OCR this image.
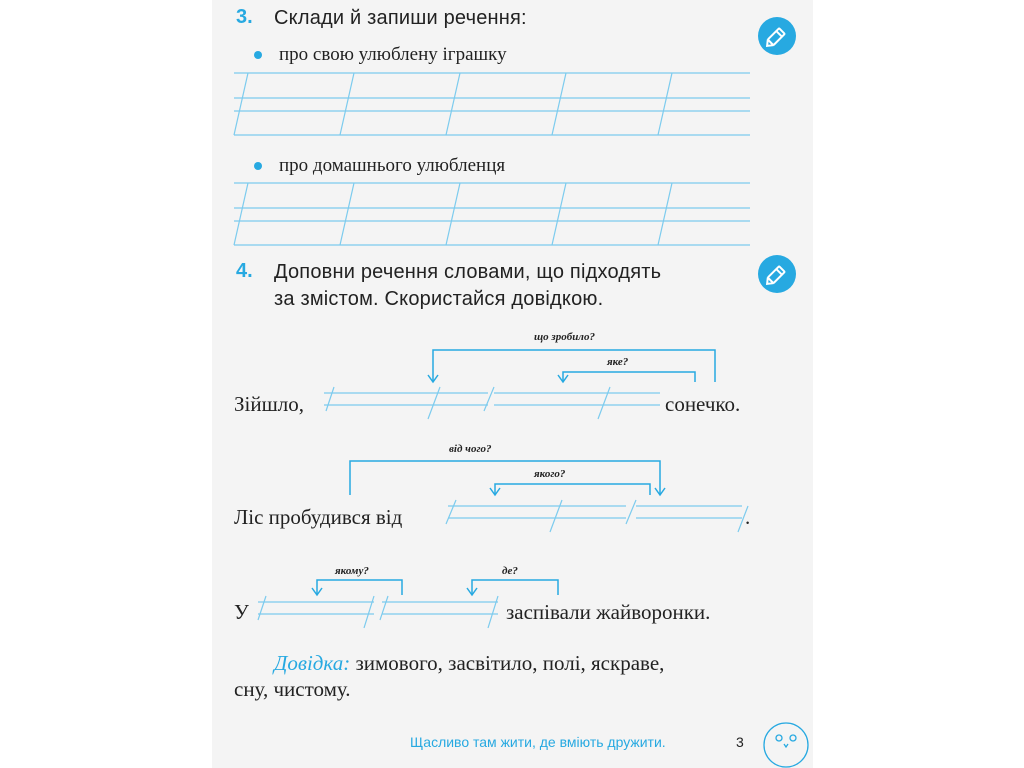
3. Склади й запиши речення:
про свою улюблену іграшку
про домашнього улюбленця
4. Доповни речення словами, що підходять
за змістом. Скористайся довідкою.
що зробило?
яке?
Зійшло,	сонечко.
від чого?
якого?
Ліс пробудився від	.
якому?	де?
У	заспівали жайворонки.
Довідка: зимового, засвітило, полі, яскраве,
сну, чистому.
Щасливо там жити, де вміють дружити.	3
